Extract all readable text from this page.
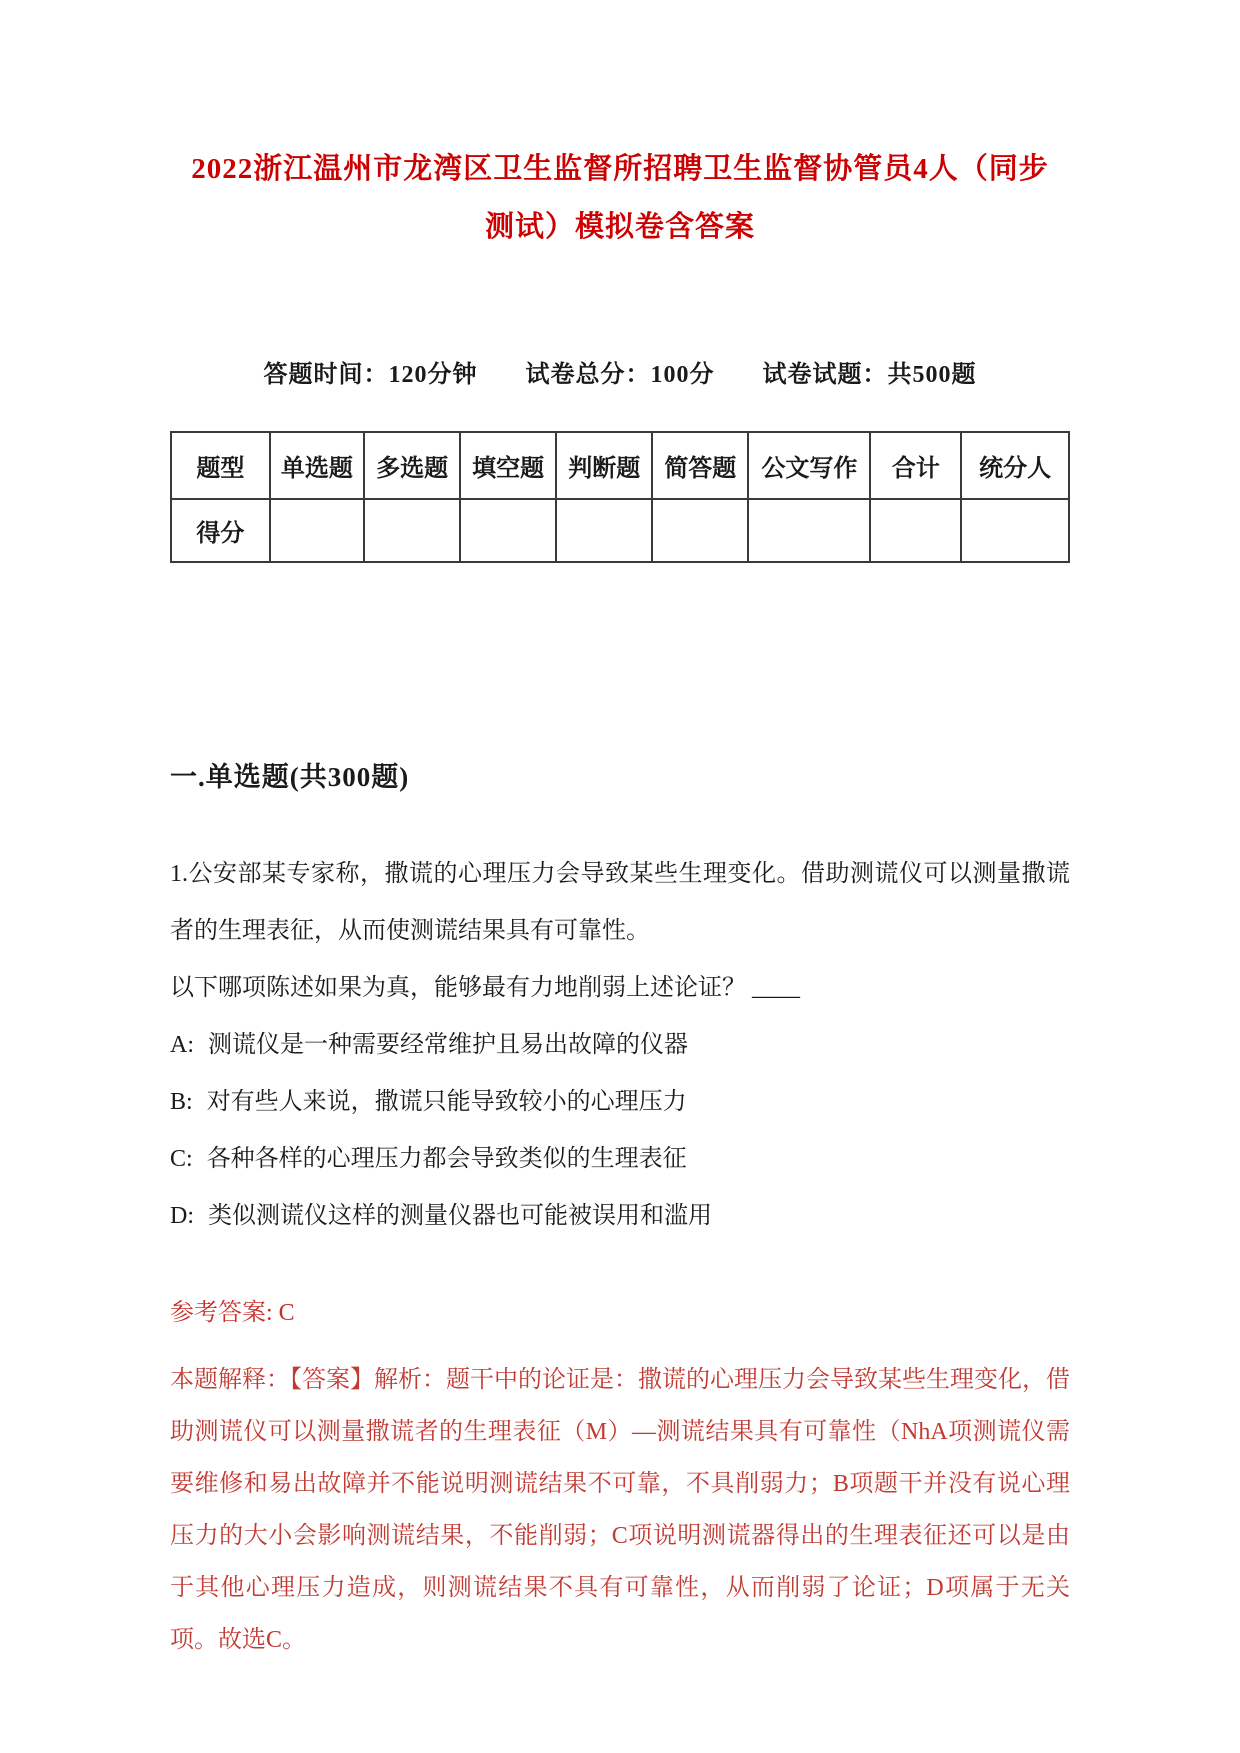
2022浙江温州市龙湾区卫生监督所招聘卫生监督协管员4人（同步
测试）模拟卷含答案
答题时间：120分钟 试卷总分：100分 试卷试题：共500题
题型	单选题	多选题	填空题	判断题	简答题	公文写作	合计	统分人
得分								
一.单选题(共300题)

1.公安部某专家称，撒谎的心理压力会导致某些生理变化。借助测谎仪可以测量撒谎者的生理表征，从而使测谎结果具有可靠性。

以下哪项陈述如果为真，能够最有力地削弱上述论证？ ____

A: 测谎仪是一种需要经常维护且易出故障的仪器

B: 对有些人来说，撒谎只能导致较小的心理压力

C: 各种各样的心理压力都会导致类似的生理表征

D: 类似测谎仪这样的测量仪器也可能被误用和滥用

参考答案: C
本题解释：【答案】解析：题干中的论证是：撒谎的心理压力会导致某些生理变化，借助测谎仪可以测量撒谎者的生理表征（M）—测谎结果具有可靠性（NhA项测谎仪需要维修和易出故障并不能说明测谎结果不可靠，不具削弱力；B项题干并没有说心理压力的大小会影响测谎结果，不能削弱；C项说明测谎器得出的生理表征还可以是由于其他心理压力造成，则测谎结果不具有可靠性，从而削弱了论证；D项属于无关项。故选C。
